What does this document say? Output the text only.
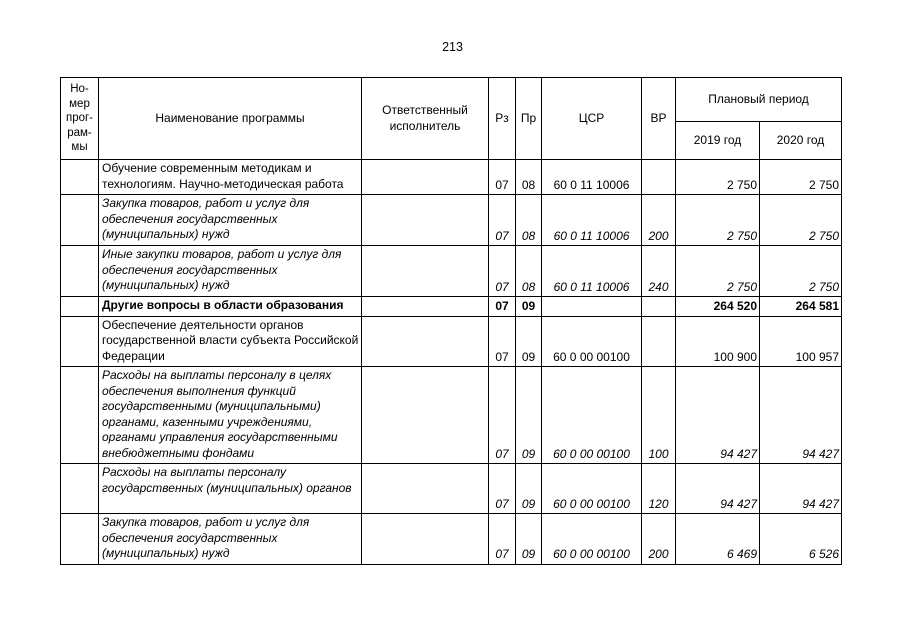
213
Но-мер прог-рам-мы	Наименование программы	Ответственный исполнитель	Рз	Пр	ЦСР	ВР	Плановый период	
							2019 год	2020 год
	Обучение современным методикам и технологиям. Научно-методическая работа		07	08	60 0 11 10006		2 750	2 750
	Закупка товаров, работ и услуг для обеспечения государственных (муниципальных) нужд		07	08	60 0 11 10006	200	2 750	2 750
	Иные закупки товаров, работ и услуг для обеспечения государственных (муниципальных) нужд		07	08	60 0 11 10006	240	2 750	2 750
	Другие вопросы в области образования		07	09			264 520	264 581
	Обеспечение деятельности органов государственной власти субъекта Российской Федерации		07	09	60 0 00 00100		100 900	100 957
	Расходы на выплаты персоналу в целях обеспечения выполнения функций государственными (муниципальными) органами, казенными учреждениями, органами управления государственными внебюджетными фондами		07	09	60 0 00 00100	100	94 427	94 427
	Расходы на выплаты персоналу государственных (муниципальных) органов		07	09	60 0 00 00100	120	94 427	94 427
	Закупка товаров, работ и услуг для обеспечения государственных (муниципальных) нужд		07	09	60 0 00 00100	200	6 469	6 526
